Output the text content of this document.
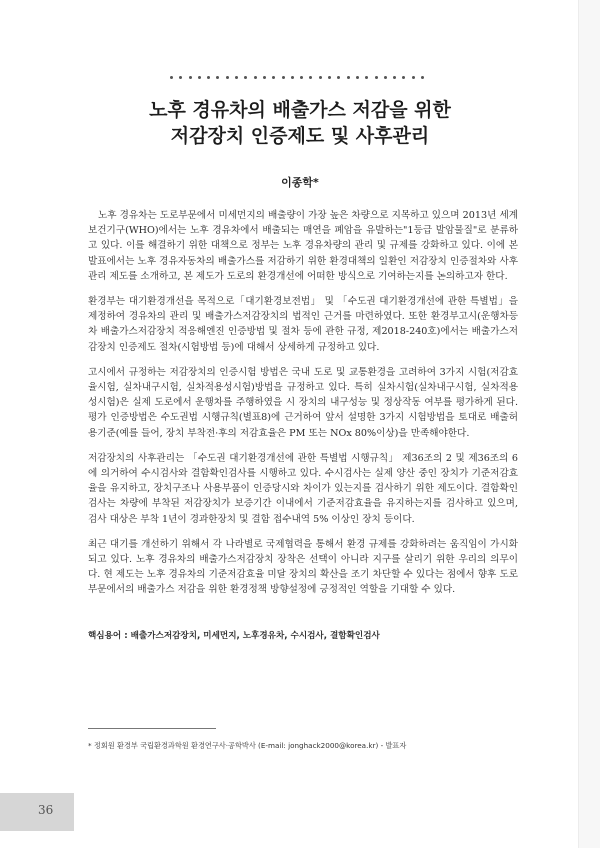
노후 경유차의 배출가스 저감을 위한
저감장치 인증제도 및 사후관리
이종학*

노후 경유차는 도로부문에서 미세먼지의 배출량이 가장 높은 차량으로 지목하고 있으며 2013년 세계보건기구(WHO)에서는 노후 경유차에서 배출되는 매연을 폐암을 유발하는"1등급 발암물질"로 분류하고 있다. 이를 해결하기 위한 대책으로 정부는 노후 경유차량의 관리 및 규제를 강화하고 있다. 이에 본 발표에서는 노후 경유자동차의 배출가스를 저감하기 위한 환경대책의 일환인 저감장치 인증절차와 사후관리 제도를 소개하고, 본 제도가 도로의 환경개선에 어떠한 방식으로 기여하는지를 논의하고자 한다.

환경부는 대기환경개선을 목적으로「대기환경보전법」 및 「수도권 대기환경개선에 관한 특별법」을 제정하여 경유차의 관리 및 배출가스저감장치의 법적인 근거를 마련하였다. 또한 환경부고시(운행차등차 배출가스저감장치 적응해엔진 인증방법 및 절차 등에 관한 규정, 제2018-240호)에서는 배출가스저감장치 인증제도 절차(시험방법 등)에 대해서 상세하게 규정하고 있다.

고시에서 규정하는 저감장치의 인증시험 방법은 국내 도로 및 교통환경을 고려하여 3가지 시험(저감효율시험, 실차내구시험, 실차적용성시험)방법을 규정하고 있다. 특히 실차시험(실차내구시험, 실차적용성시험)은 실제 도로에서 운행차를 주행하였을 시 장치의 내구성능 및 정상작동 여부를 평가하게 된다. 평가 인증방법은 수도권법 시행규칙(별표8)에 근거하여 앞서 설명한 3가지 시험방법을 토대로 배출허용기준(예를 들어, 장치 부착전·후의 저감효율은 PM 또는 NOx 80%이상)을 만족해야한다.

저감장치의 사후관리는 「수도권 대기환경개선에 관한 특별법 시행규칙」 제36조의 2 및 제36조의 6에 의거하여 수시검사와 결함확인검사를 시행하고 있다. 수시검사는 실제 양산 중인 장치가 기준저감효율을 유지하고, 장치구조나 사용부품이 인증당시와 차이가 있는지를 검사하기 위한 제도이다. 결함확인검사는 차량에 부착된 저감장치가 보증기간 이내에서 기준저감효율을 유지하는지를 검사하고 있으며, 검사 대상은 부착 1년이 경과한장치 및 결함 접수내역 5% 이상인 장치 등이다.

최근 대기를 개선하기 위해서 각 나라별로 국제협력을 통해서 환경 규제를 강화하려는 움직임이 가시화되고 있다. 노후 경유차의 배출가스저감장치 장착은 선택이 아니라 지구를 살리기 위한 우리의 의무이다. 현 제도는 노후 경유차의 기준저감효율 미달 장치의 확산을 조기 차단할 수 있다는 점에서 향후 도로부문에서의 배출가스 저감을 위한 환경정책 방향설정에 긍정적인 역할을 기대할 수 있다.

핵심용어 : 배출가스저감장치, 미세먼지, 노후경유차, 수시검사, 결함확인검사
* 정회원 환경부 국립환경과학원 환경연구사·공학박사 (E-mail: jonghack2000@korea.kr) - 발표자
36
